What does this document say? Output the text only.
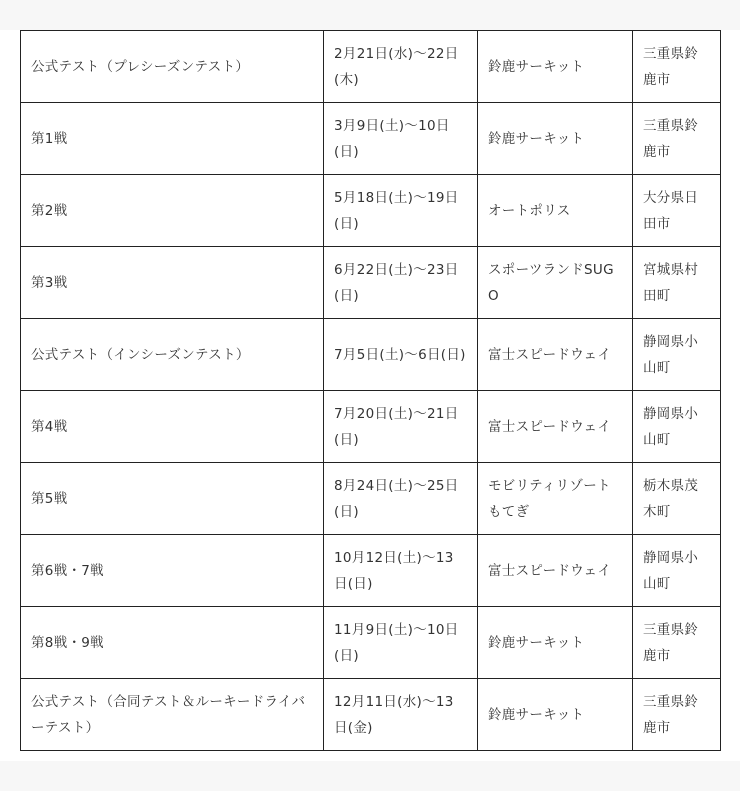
公式テスト（プレシーズンテスト）	2月21日(水)〜22日(木)	鈴鹿サーキット	三重県鈴鹿市
第1戦	3月9日(土)〜10日(日)	鈴鹿サーキット	三重県鈴鹿市
第2戦	5月18日(土)〜19日(日)	オートポリス	大分県日田市
第3戦	6月22日(土)〜23日(日)	スポーツランドSUGO	宮城県村田町
公式テスト（インシーズンテスト）	7月5日(土)〜6日(日)	富士スピードウェイ	静岡県小山町
第4戦	7月20日(土)〜21日(日)	富士スピードウェイ	静岡県小山町
第5戦	8月24日(土)〜25日(日)	モビリティリゾートもてぎ	栃木県茂木町
第6戦・7戦	10月12日(土)〜13日(日)	富士スピードウェイ	静岡県小山町
第8戦・9戦	11月9日(土)〜10日(日)	鈴鹿サーキット	三重県鈴鹿市
公式テスト（合同テスト＆ルーキードライバーテスト）	12月11日(水)〜13日(金)	鈴鹿サーキット	三重県鈴鹿市
